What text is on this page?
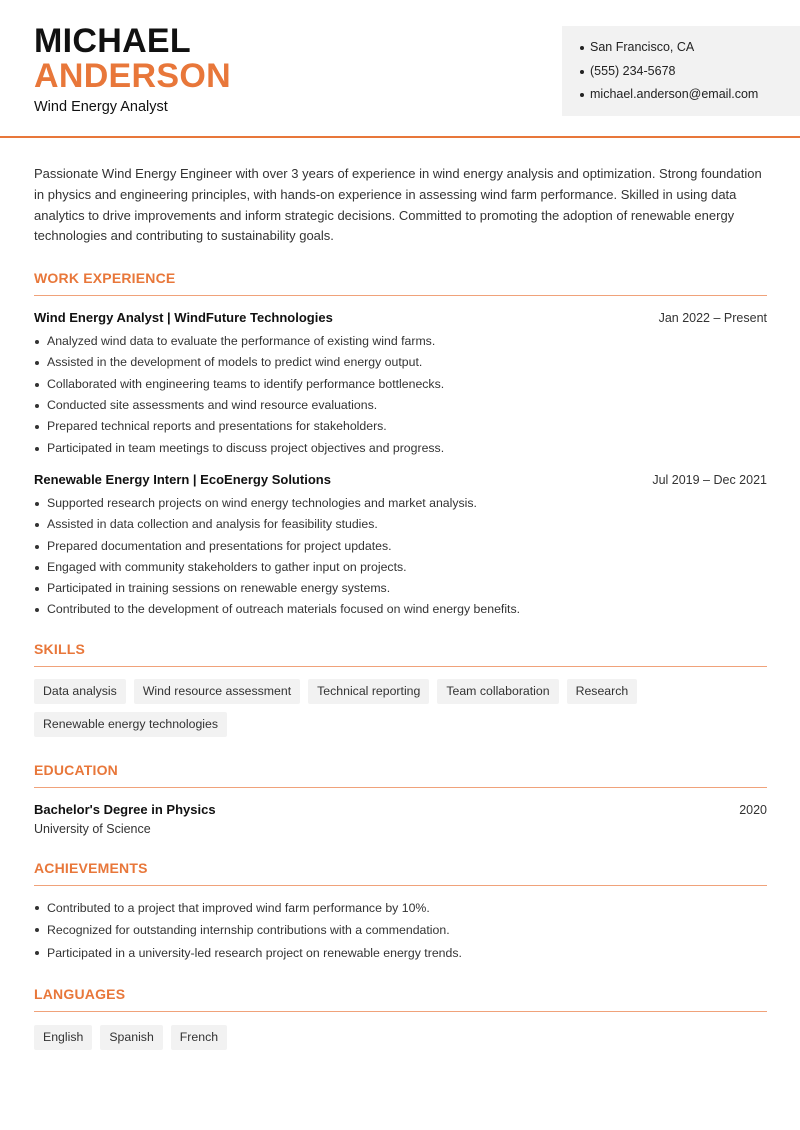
MICHAEL
ANDERSON
Wind Energy Analyst
San Francisco, CA
(555) 234-5678
michael.anderson@email.com

Passionate Wind Energy Engineer with over 3 years of experience in wind energy analysis and optimization. Strong foundation in physics and engineering principles, with hands-on experience in assessing wind farm performance. Skilled in using data analytics to drive improvements and inform strategic decisions. Committed to promoting the adoption of renewable energy technologies and contributing to sustainability goals.

WORK EXPERIENCE
Wind Energy Analyst | WindFuture Technologies	Jan 2022 – Present
Analyzed wind data to evaluate the performance of existing wind farms.
Assisted in the development of models to predict wind energy output.
Collaborated with engineering teams to identify performance bottlenecks.
Conducted site assessments and wind resource evaluations.
Prepared technical reports and presentations for stakeholders.
Participated in team meetings to discuss project objectives and progress.
Renewable Energy Intern | EcoEnergy Solutions	Jul 2019 – Dec 2021
Supported research projects on wind energy technologies and market analysis.
Assisted in data collection and analysis for feasibility studies.
Prepared documentation and presentations for project updates.
Engaged with community stakeholders to gather input on projects.
Participated in training sessions on renewable energy systems.
Contributed to the development of outreach materials focused on wind energy benefits.
SKILLS
Data analysis	Wind resource assessment	Technical reporting	Team collaboration	Research
Renewable energy technologies
EDUCATION
Bachelor's Degree in Physics	2020
University of Science
ACHIEVEMENTS
Contributed to a project that improved wind farm performance by 10%.
Recognized for outstanding internship contributions with a commendation.
Participated in a university-led research project on renewable energy trends.
LANGUAGES
English	Spanish	French
